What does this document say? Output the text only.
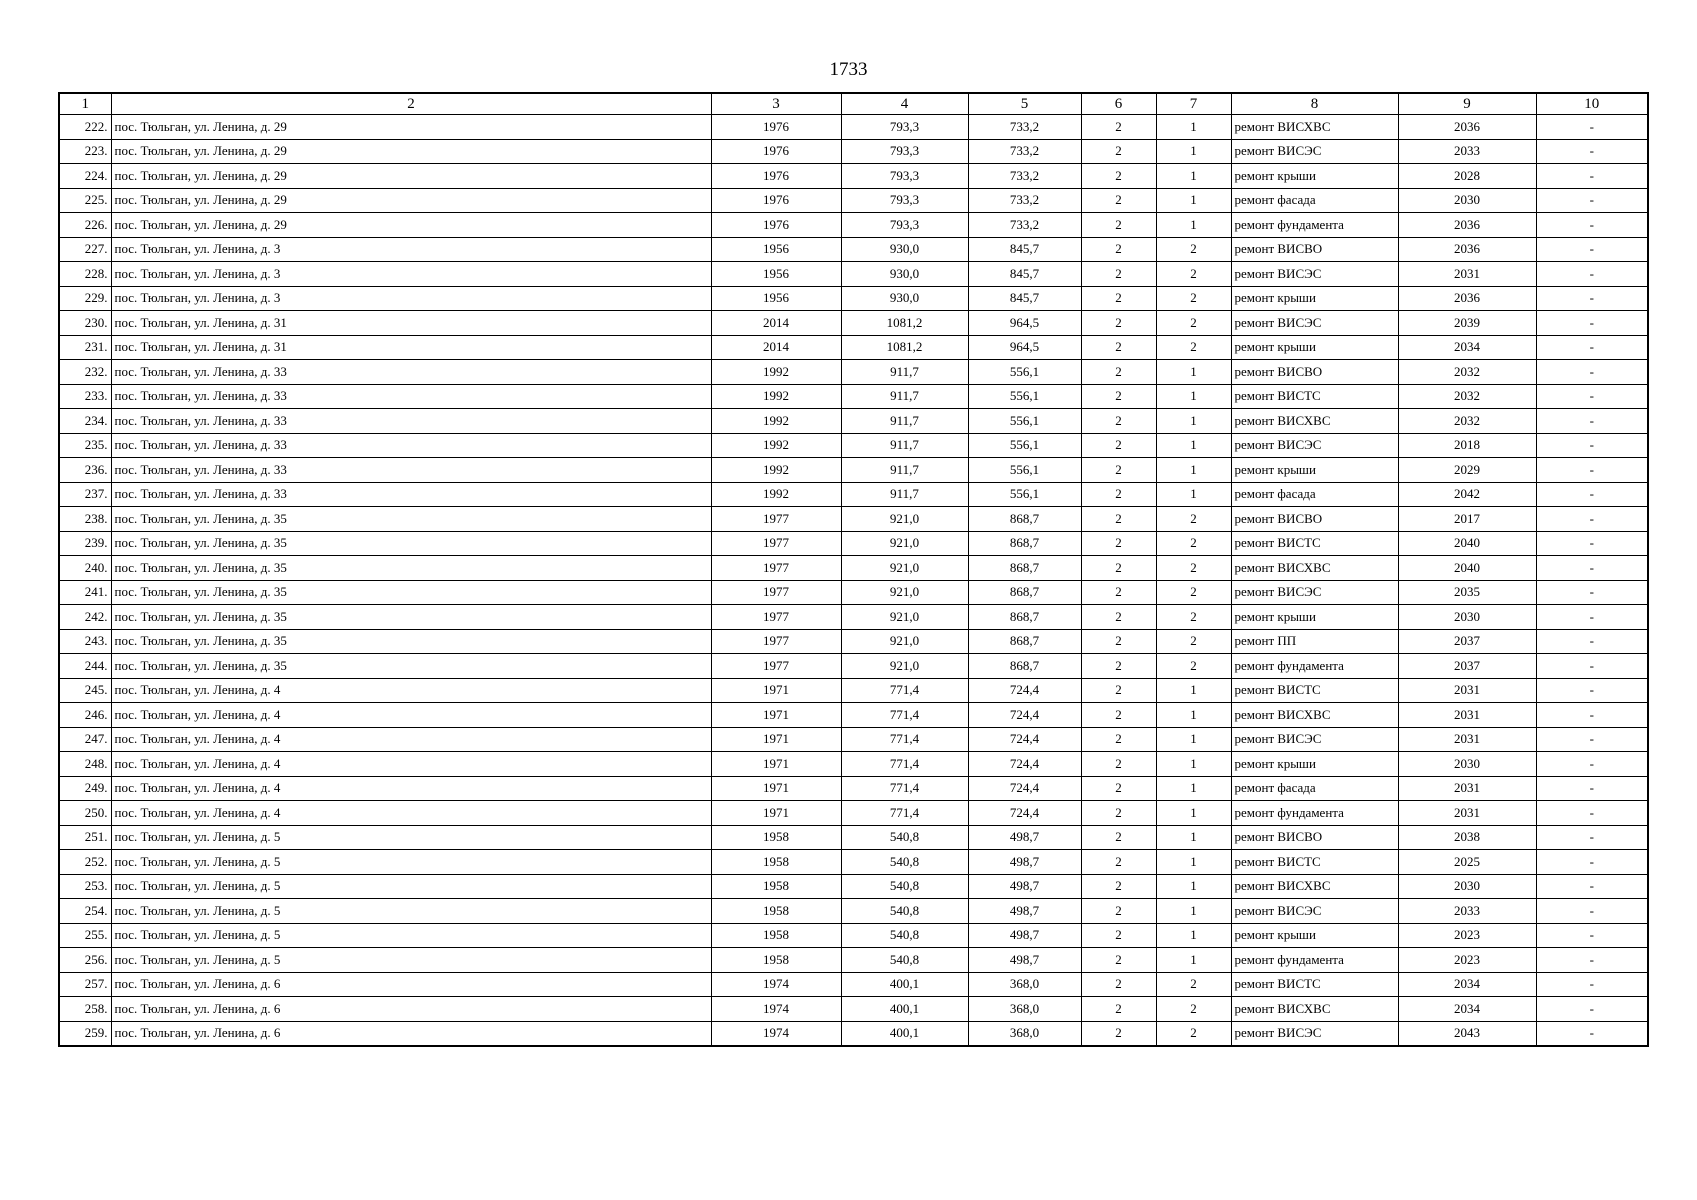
1733
1	2	3	4	5	6	7	8	9	10
222.	пос. Тюльган, ул. Ленина, д. 29	1976	793,3	733,2	2	1	ремонт ВИСХВС	2036	-
223.	пос. Тюльган, ул. Ленина, д. 29	1976	793,3	733,2	2	1	ремонт ВИСЭС	2033	-
224.	пос. Тюльган, ул. Ленина, д. 29	1976	793,3	733,2	2	1	ремонт крыши	2028	-
225.	пос. Тюльган, ул. Ленина, д. 29	1976	793,3	733,2	2	1	ремонт фасада	2030	-
226.	пос. Тюльган, ул. Ленина, д. 29	1976	793,3	733,2	2	1	ремонт фундамента	2036	-
227.	пос. Тюльган, ул. Ленина, д. 3	1956	930,0	845,7	2	2	ремонт ВИСВО	2036	-
228.	пос. Тюльган, ул. Ленина, д. 3	1956	930,0	845,7	2	2	ремонт ВИСЭС	2031	-
229.	пос. Тюльган, ул. Ленина, д. 3	1956	930,0	845,7	2	2	ремонт крыши	2036	-
230.	пос. Тюльган, ул. Ленина, д. 31	2014	1081,2	964,5	2	2	ремонт ВИСЭС	2039	-
231.	пос. Тюльган, ул. Ленина, д. 31	2014	1081,2	964,5	2	2	ремонт крыши	2034	-
232.	пос. Тюльган, ул. Ленина, д. 33	1992	911,7	556,1	2	1	ремонт ВИСВО	2032	-
233.	пос. Тюльган, ул. Ленина, д. 33	1992	911,7	556,1	2	1	ремонт ВИСТС	2032	-
234.	пос. Тюльган, ул. Ленина, д. 33	1992	911,7	556,1	2	1	ремонт ВИСХВС	2032	-
235.	пос. Тюльган, ул. Ленина, д. 33	1992	911,7	556,1	2	1	ремонт ВИСЭС	2018	-
236.	пос. Тюльган, ул. Ленина, д. 33	1992	911,7	556,1	2	1	ремонт крыши	2029	-
237.	пос. Тюльган, ул. Ленина, д. 33	1992	911,7	556,1	2	1	ремонт фасада	2042	-
238.	пос. Тюльган, ул. Ленина, д. 35	1977	921,0	868,7	2	2	ремонт ВИСВО	2017	-
239.	пос. Тюльган, ул. Ленина, д. 35	1977	921,0	868,7	2	2	ремонт ВИСТС	2040	-
240.	пос. Тюльган, ул. Ленина, д. 35	1977	921,0	868,7	2	2	ремонт ВИСХВС	2040	-
241.	пос. Тюльган, ул. Ленина, д. 35	1977	921,0	868,7	2	2	ремонт ВИСЭС	2035	-
242.	пос. Тюльган, ул. Ленина, д. 35	1977	921,0	868,7	2	2	ремонт крыши	2030	-
243.	пос. Тюльган, ул. Ленина, д. 35	1977	921,0	868,7	2	2	ремонт ПП	2037	-
244.	пос. Тюльган, ул. Ленина, д. 35	1977	921,0	868,7	2	2	ремонт фундамента	2037	-
245.	пос. Тюльган, ул. Ленина, д. 4	1971	771,4	724,4	2	1	ремонт ВИСТС	2031	-
246.	пос. Тюльган, ул. Ленина, д. 4	1971	771,4	724,4	2	1	ремонт ВИСХВС	2031	-
247.	пос. Тюльган, ул. Ленина, д. 4	1971	771,4	724,4	2	1	ремонт ВИСЭС	2031	-
248.	пос. Тюльган, ул. Ленина, д. 4	1971	771,4	724,4	2	1	ремонт крыши	2030	-
249.	пос. Тюльган, ул. Ленина, д. 4	1971	771,4	724,4	2	1	ремонт фасада	2031	-
250.	пос. Тюльган, ул. Ленина, д. 4	1971	771,4	724,4	2	1	ремонт фундамента	2031	-
251.	пос. Тюльган, ул. Ленина, д. 5	1958	540,8	498,7	2	1	ремонт ВИСВО	2038	-
252.	пос. Тюльган, ул. Ленина, д. 5	1958	540,8	498,7	2	1	ремонт ВИСТС	2025	-
253.	пос. Тюльган, ул. Ленина, д. 5	1958	540,8	498,7	2	1	ремонт ВИСХВС	2030	-
254.	пос. Тюльган, ул. Ленина, д. 5	1958	540,8	498,7	2	1	ремонт ВИСЭС	2033	-
255.	пос. Тюльган, ул. Ленина, д. 5	1958	540,8	498,7	2	1	ремонт крыши	2023	-
256.	пос. Тюльган, ул. Ленина, д. 5	1958	540,8	498,7	2	1	ремонт фундамента	2023	-
257.	пос. Тюльган, ул. Ленина, д. 6	1974	400,1	368,0	2	2	ремонт ВИСТС	2034	-
258.	пос. Тюльган, ул. Ленина, д. 6	1974	400,1	368,0	2	2	ремонт ВИСХВС	2034	-
259.	пос. Тюльган, ул. Ленина, д. 6	1974	400,1	368,0	2	2	ремонт ВИСЭС	2043	-
